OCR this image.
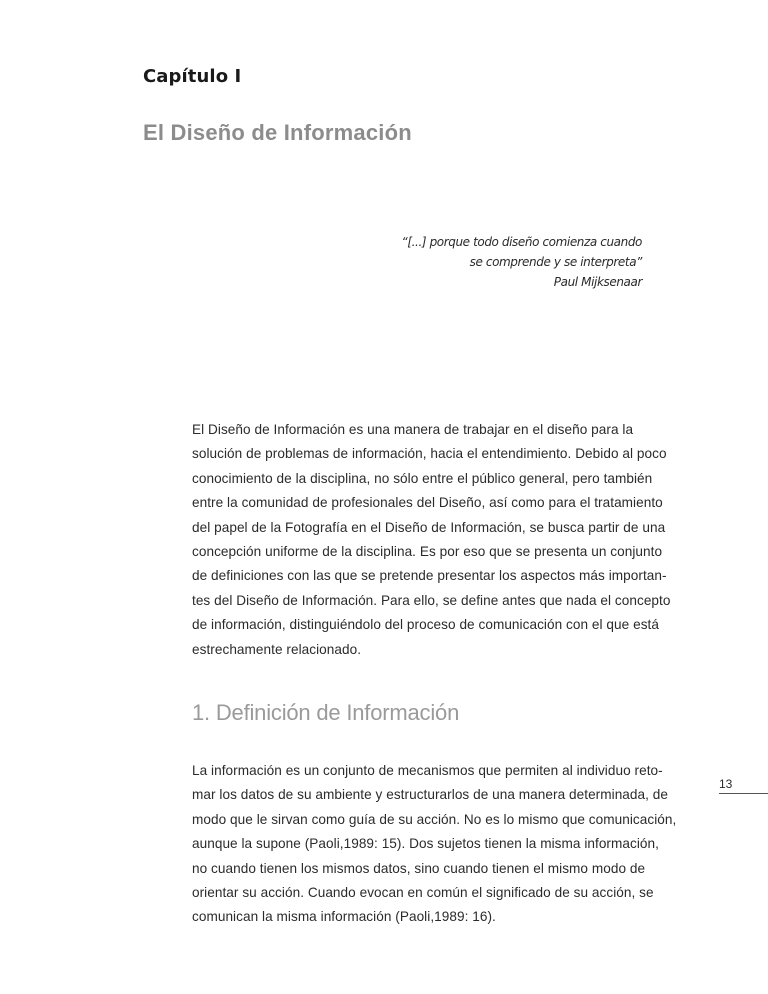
Capítulo I
El Diseño de Información
“[...] porque todo diseño comienza cuando
se comprende y se interpreta”
Paul Mijksenaar

El Diseño de Información es una manera de trabajar en el diseño para la
solución de problemas de información, hacia el entendimiento. Debido al poco
conocimiento de la disciplina, no sólo entre el público general, pero también
entre la comunidad de profesionales del Diseño, así como para el tratamiento
del papel de la Fotografía en el Diseño de Información, se busca partir de una
concepción uniforme de la disciplina. Es por eso que se presenta un conjunto
de definiciones con las que se pretende presentar los aspectos más importan-
tes del Diseño de Información. Para ello, se define antes que nada el concepto
de información, distinguiéndolo del proceso de comunicación con el que está
estrechamente relacionado.

1. Definición de Información

La información es un conjunto de mecanismos que permiten al individuo reto-
mar los datos de su ambiente y estructurarlos de una manera determinada, de
modo que le sirvan como guía de su acción. No es lo mismo que comunicación,
aunque la supone (Paoli,1989: 15). Dos sujetos tienen la misma información,
no cuando tienen los mismos datos, sino cuando tienen el mismo modo de
orientar su acción. Cuando evocan en común el significado de su acción, se
comunican la misma información (Paoli,1989: 16).

13
